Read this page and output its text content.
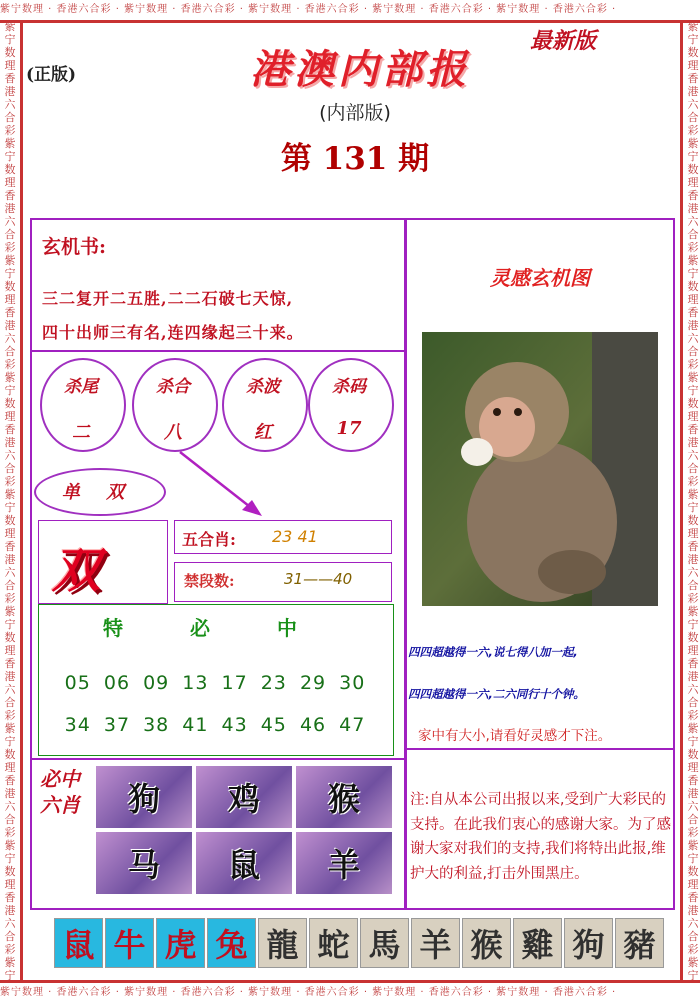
紫宁数理 · 香港六合彩 · 紫宁数理 · 香港六合彩 · 紫宁数理 · 香港六合彩 · 紫宁数理 · 香港六合彩 · 紫宁数理 · 香港六合彩 ·
紫宁数理 · 香港六合彩 · 紫宁数理 · 香港六合彩 · 紫宁数理 · 香港六合彩 · 紫宁数理 · 香港六合彩 · 紫宁数理 · 香港六合彩 ·
紫宁数理香港六合彩紫宁数理香港六合彩紫宁数理香港六合彩紫宁数理香港六合彩紫宁数理香港六合彩紫宁数理香港六合彩紫宁数理香港六合彩紫宁数理香港六合彩紫宁
紫宁数理香港六合彩紫宁数理香港六合彩紫宁数理香港六合彩紫宁数理香港六合彩紫宁数理香港六合彩紫宁数理香港六合彩紫宁数理香港六合彩紫宁数理香港六合彩紫宁
(正版)	港澳内部报
最新版
(内部版)
第 131 期
玄机书:
三二复开二五胜,二二石破七天惊,
四十出师三有名,连四缘起三十来。
杀尾
二
杀合
八
杀波
红
杀码
17
单 双
双
五合肖: 23 41
禁段数:	31——40
特 必 中
05 06 09 13 17 23 29 30
34 37 38 41 43 45 46 47
必中六肖	狗	鸡	猴
马	鼠	羊
灵感玄机图
四四超越得一六,说七得八加一起,
四四超越得一六,二六同行十个钟。
家中有大小,请看好灵感才下注。
注:自从本公司出报以来,受到广大彩民的支持。在此我们衷心的感谢大家。为了感谢大家对我们的支持,我们将特出此报,维护大的利益,打击外围黑庄。
鼠 牛 虎 兔 龍 蛇 馬 羊 猴 雞 狗 豬
